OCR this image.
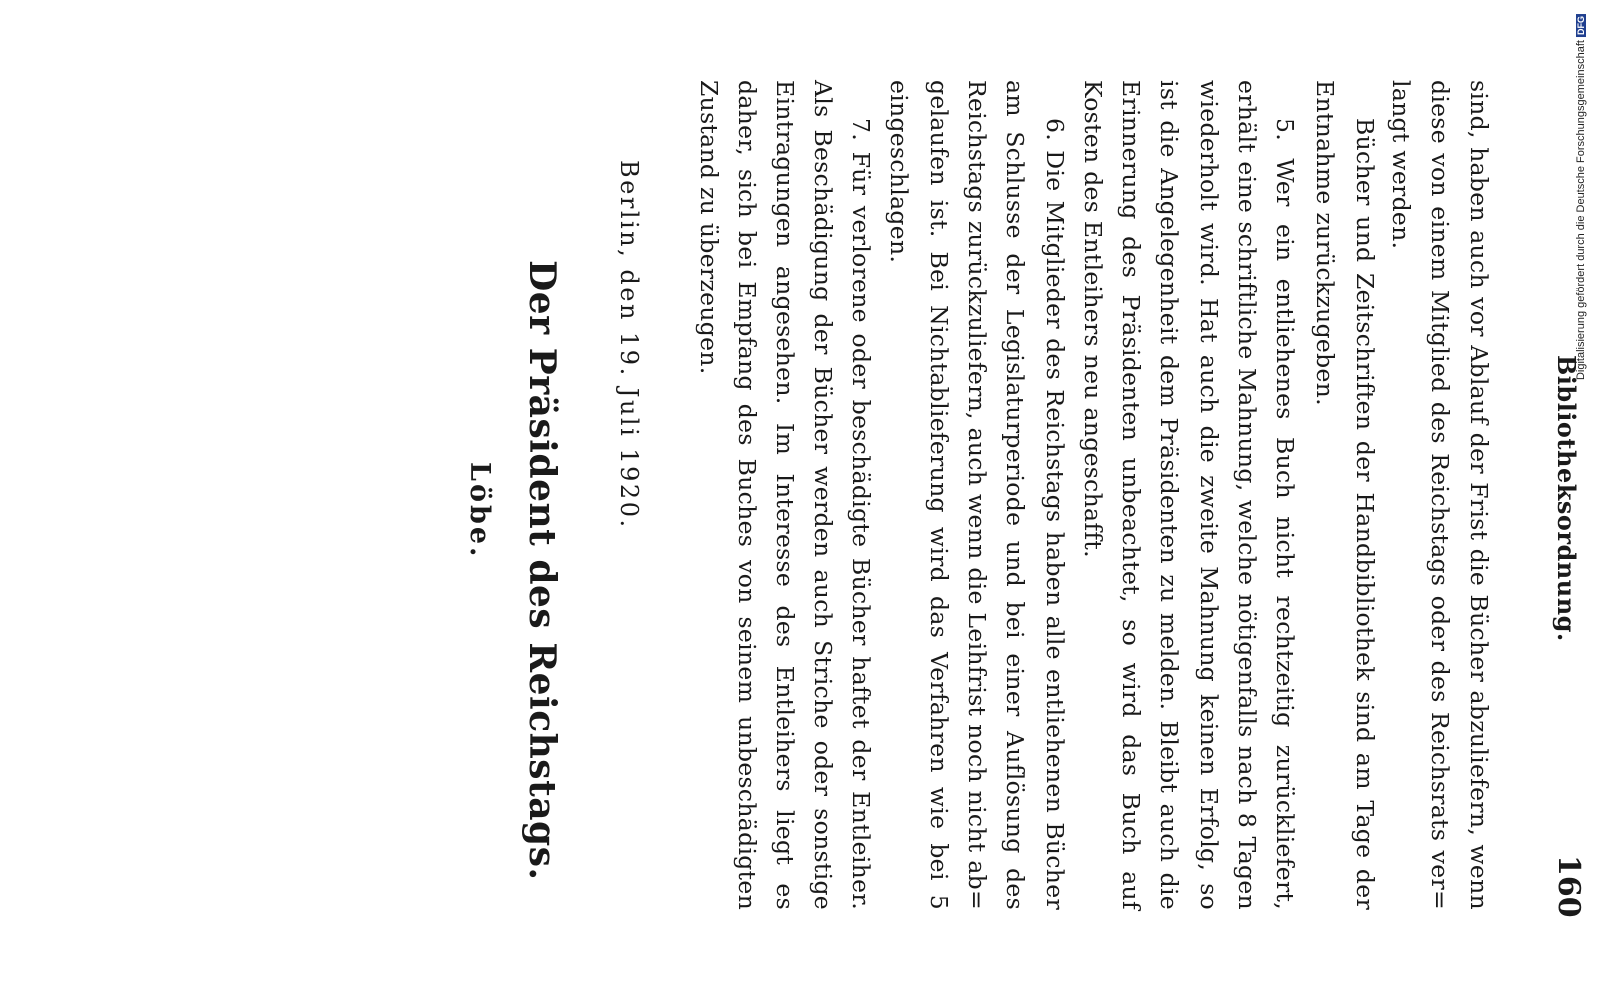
160
Bibliotheksordnung.
sind, haben auch vor Ablauf der Frist die Bücher abzuliefern, wenn
diese von einem Mitglied des Reichstags oder des Reichsrats ver=
langt werden.
Bücher und Zeitschriften der Handbibliothek sind am Tage der
Entnahme zurückzugeben.
5. Wer ein entliehenes Buch nicht rechtzeitig zurückliefert,
erhält eine schriftliche Mahnung, welche nötigenfalls nach 8 Tagen
wiederholt wird. Hat auch die zweite Mahnung keinen Erfolg, so
ist die Angelegenheit dem Präsidenten zu melden. Bleibt auch die
Erinnerung des Präsidenten unbeachtet, so wird das Buch auf
Kosten des Entleihers neu angeschafft.
6. Die Mitglieder des Reichstags haben alle entliehenen Bücher
am Schlusse der Legislaturperiode und bei einer Auflösung des
Reichstags zurückzuliefern, auch wenn die Leihfrist noch nicht ab=
gelaufen ist. Bei Nichtablieferung wird das Verfahren wie bei 5
eingeschlagen.
7. Für verlorene oder beschädigte Bücher haftet der Entleiher.
Als Beschädigung der Bücher werden auch Striche oder sonstige
Eintragungen angesehen. Im Interesse des Entleihers liegt es
daher, sich bei Empfang des Buches von seinem unbeschädigten
Zustand zu überzeugen.
Berlin, den 19. Juli 1920.
Der Präsident des Reichstags.
Löbe.
Digitalisierung gefördert durch die Deutsche Forschungsgemeinschaft DFG
